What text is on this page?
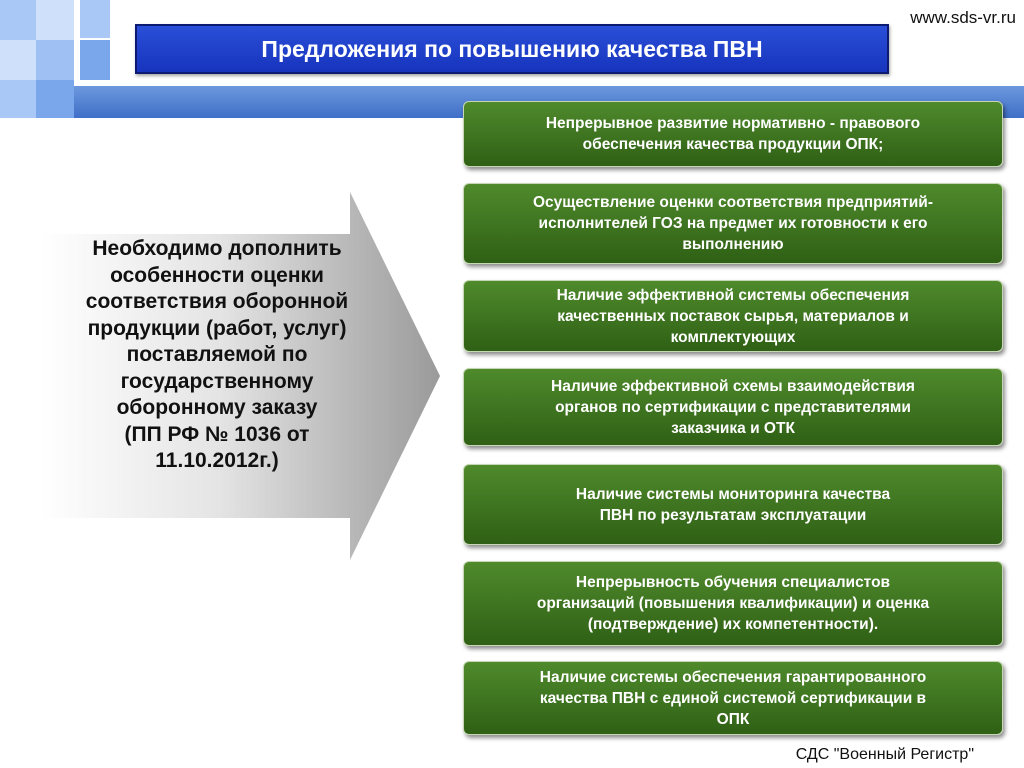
Предложения по повышению качества ПВН
www.sds-vr.ru
Необходимо дополнить
особенности оценки
соответствия оборонной
продукции (работ, услуг)
поставляемой по
государственному
оборонному заказу
(ПП РФ № 1036 от
11.10.2012г.)
Непрерывное развитие нормативно - правового
обеспечения качества продукции ОПК;
Осуществление оценки соответствия предприятий-
исполнителей ГОЗ на предмет их готовности к его
выполнению
Наличие эффективной системы обеспечения
качественных поставок сырья, материалов и
комплектующих
Наличие эффективной схемы взаимодействия
органов по сертификации с представителями
заказчика и ОТК
Наличие системы мониторинга качества
ПВН по результатам эксплуатации
Непрерывность обучения специалистов
организаций (повышения квалификации) и оценка
(подтверждение) их компетентности).
Наличие системы обеспечения гарантированного
качества ПВН с единой системой сертификации в
ОПК
СДС "Военный Регистр"
